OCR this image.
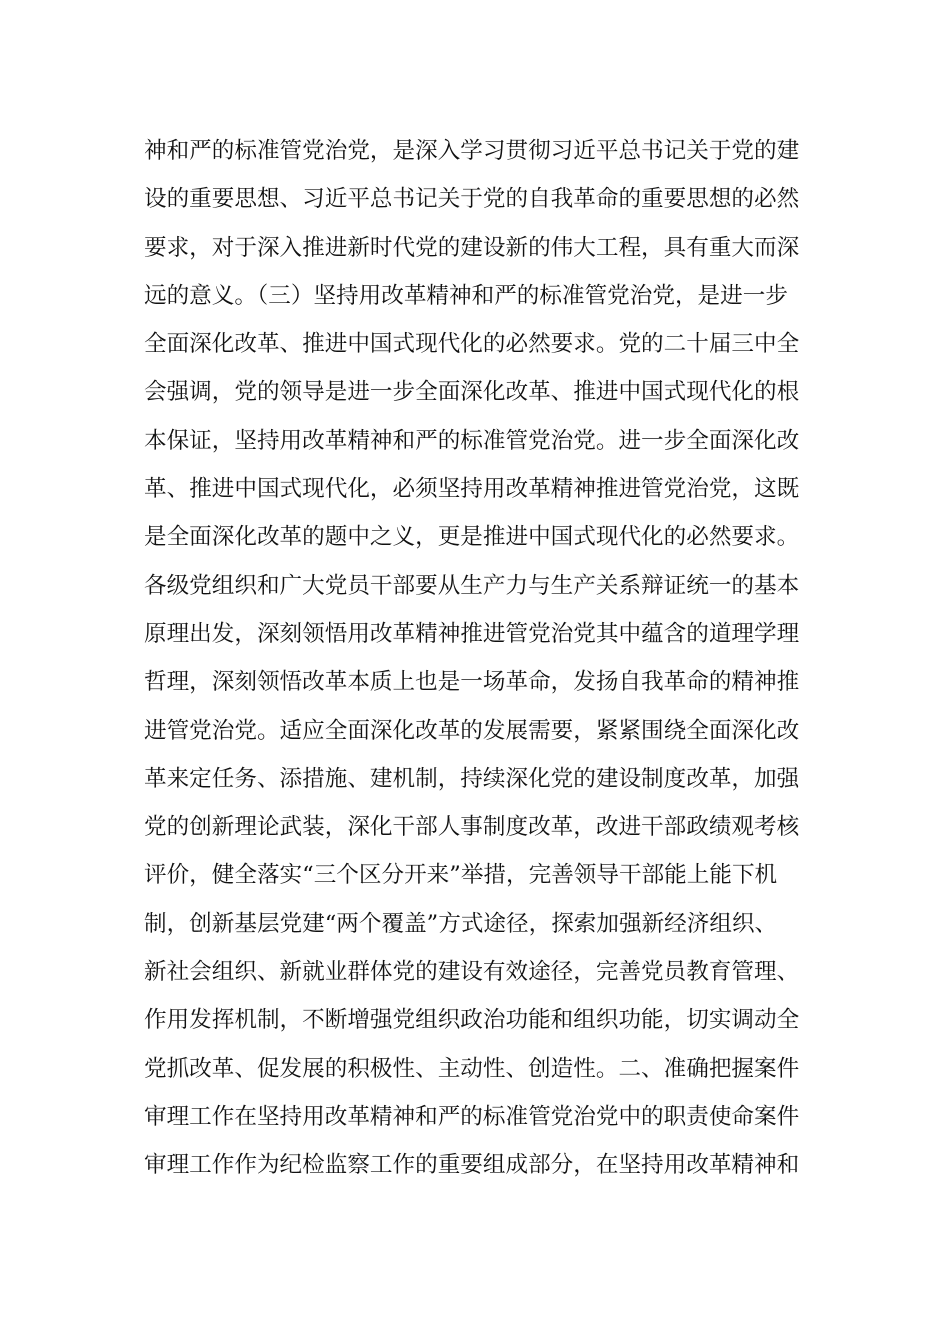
神和严的标准管党治党，是深入学习贯彻习近平总书记关于党的建
设的重要思想、习近平总书记关于党的自我革命的重要思想的必然
要求，对于深入推进新时代党的建设新的伟大工程，具有重大而深
远的意义。（三）坚持用改革精神和严的标准管党治党，是进一步
全面深化改革、推进中国式现代化的必然要求。党的二十届三中全
会强调，党的领导是进一步全面深化改革、推进中国式现代化的根
本保证，坚持用改革精神和严的标准管党治党。进一步全面深化改
革、推进中国式现代化，必须坚持用改革精神推进管党治党，这既
是全面深化改革的题中之义，更是推进中国式现代化的必然要求。
各级党组织和广大党员干部要从生产力与生产关系辩证统一的基本
原理出发，深刻领悟用改革精神推进管党治党其中蕴含的道理学理
哲理，深刻领悟改革本质上也是一场革命，发扬自我革命的精神推
进管党治党。适应全面深化改革的发展需要，紧紧围绕全面深化改
革来定任务、添措施、建机制，持续深化党的建设制度改革，加强
党的创新理论武装，深化干部人事制度改革，改进干部政绩观考核
评价，健全落实“三个区分开来”举措，完善领导干部能上能下机
制，创新基层党建“两个覆盖”方式途径，探索加强新经济组织、
新社会组织、新就业群体党的建设有效途径，完善党员教育管理、
作用发挥机制，不断增强党组织政治功能和组织功能，切实调动全
党抓改革、促发展的积极性、主动性、创造性。二、准确把握案件
审理工作在坚持用改革精神和严的标准管党治党中的职责使命案件
审理工作作为纪检监察工作的重要组成部分，在坚持用改革精神和
